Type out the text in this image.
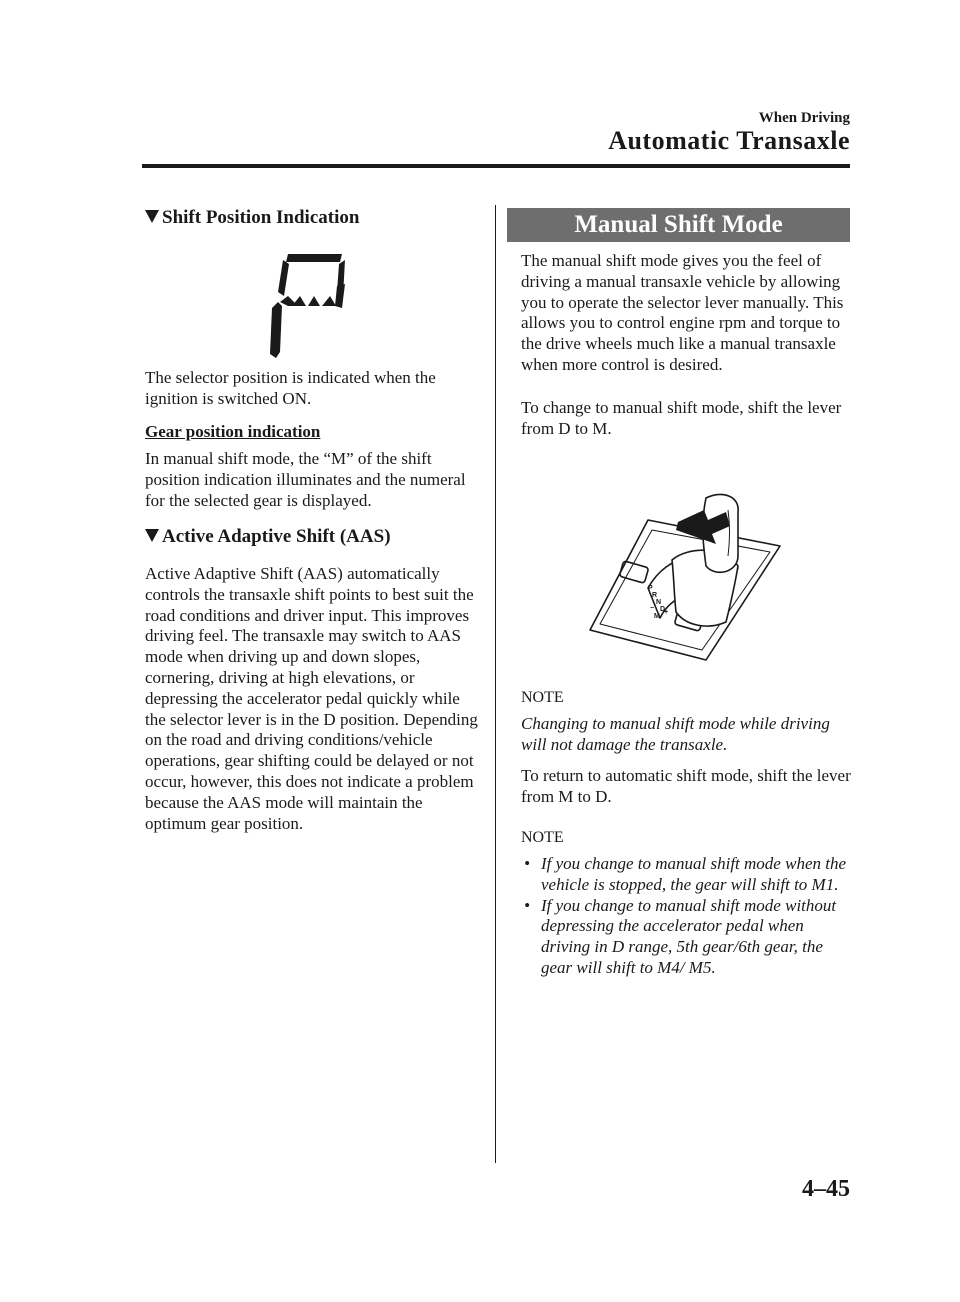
When Driving
Automatic Transaxle
Shift Position Indication
The selector position is indicated when the ignition is switched ON.
Gear position indication
In manual shift mode, the “M” of the shift position indication illuminates and the numeral for the selected gear is displayed.
Active Adaptive Shift (AAS)
Active Adaptive Shift (AAS) automatically controls the transaxle shift points to best suit the road conditions and driver input. This improves driving feel. The transaxle may switch to AAS mode when driving up and down slopes, cornering, driving at high elevations, or depressing the accelerator pedal quickly while the selector lever is in the D position. Depending on the road and driving conditions/vehicle operations, gear shifting could be delayed or not occur, however, this does not indicate a problem because the AAS mode will maintain the optimum gear position.
Manual Shift Mode
The manual shift mode gives you the feel of driving a manual transaxle vehicle by allowing you to operate the selector lever manually. This allows you to control engine rpm and torque to the drive wheels much like a manual transaxle when more control is desired.
To change to manual shift mode, shift the lever from D to M.
P
R
N
D
M
+
−
NOTE
Changing to manual shift mode while driving will not damage the transaxle.
To return to automatic shift mode, shift the lever from M to D.
NOTE
• If you change to manual shift mode when the vehicle is stopped, the gear will shift to M1.
• If you change to manual shift mode without depressing the accelerator pedal when driving in D range, 5th gear/6th gear, the gear will shift to M4/ M5.
4–45
